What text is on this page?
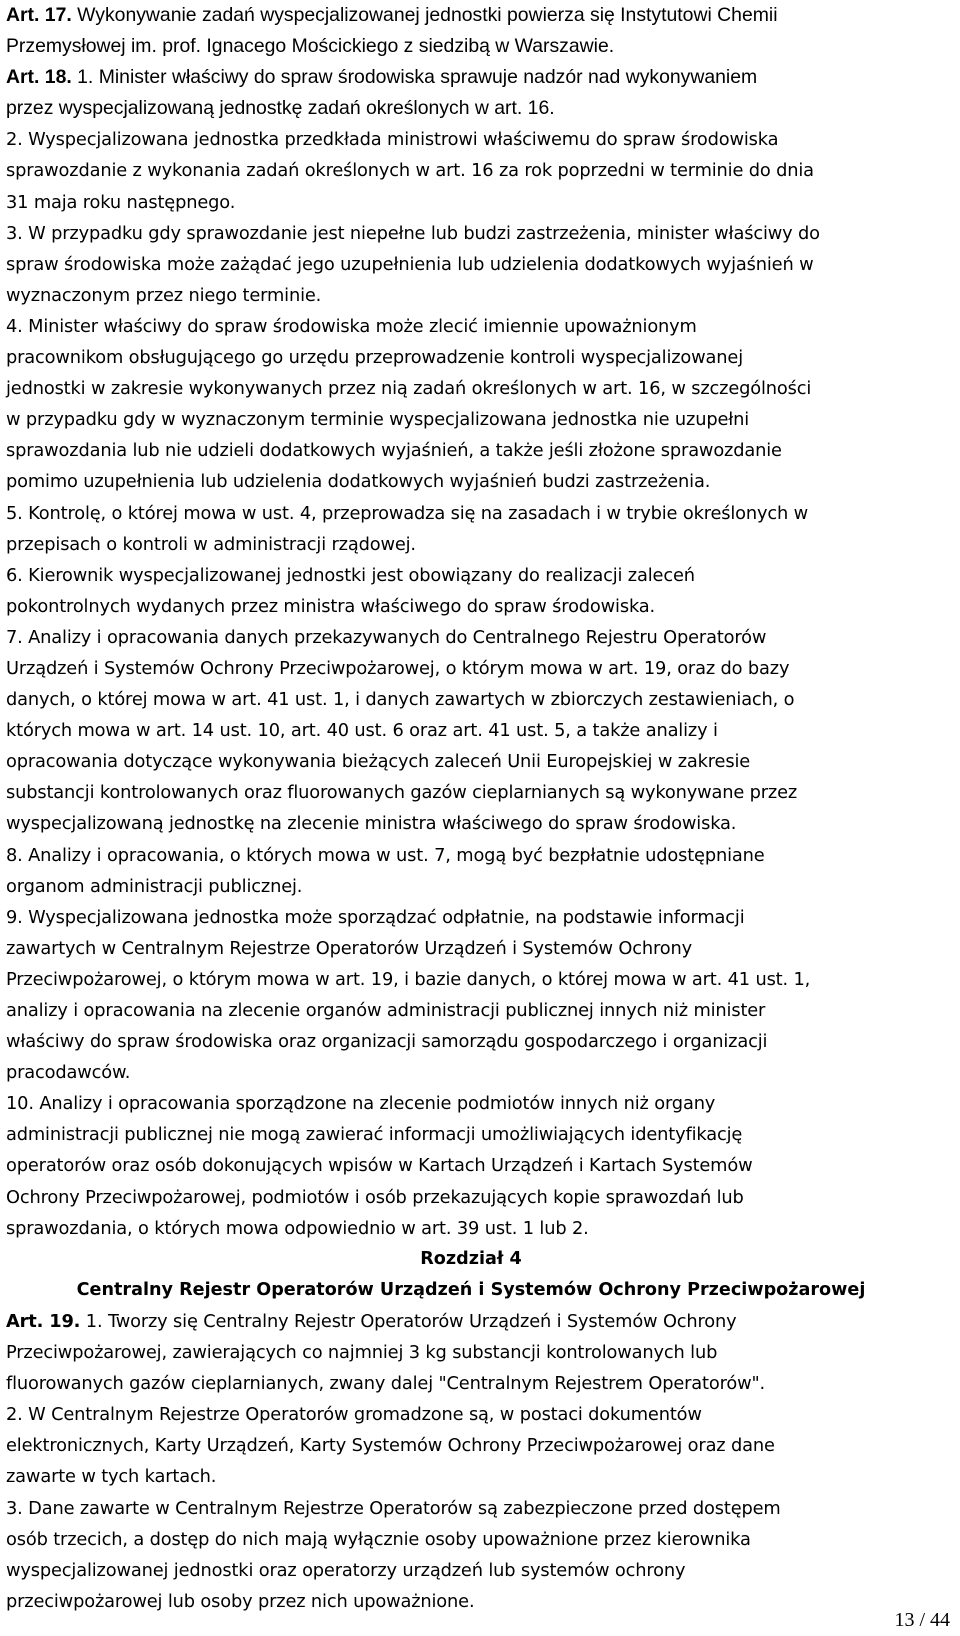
Art. 17. Wykonywanie zadań wyspecjalizowanej jednostki powierza się Instytutowi Chemii
Przemysłowej im. prof. Ignacego Mościckiego z siedzibą w Warszawie.
Art. 18. 1. Minister właściwy do spraw środowiska sprawuje nadzór nad wykonywaniem
przez wyspecjalizowaną jednostkę zadań określonych w art. 16.
2. Wyspecjalizowana jednostka przedkłada ministrowi właściwemu do spraw środowiska
sprawozdanie z wykonania zadań określonych w art. 16 za rok poprzedni w terminie do dnia
31 maja roku następnego.
3. W przypadku gdy sprawozdanie jest niepełne lub budzi zastrzeżenia, minister właściwy do
spraw środowiska może zażądać jego uzupełnienia lub udzielenia dodatkowych wyjaśnień w
wyznaczonym przez niego terminie.
4. Minister właściwy do spraw środowiska może zlecić imiennie upoważnionym
pracownikom obsługującego go urzędu przeprowadzenie kontroli wyspecjalizowanej
jednostki w zakresie wykonywanych przez nią zadań określonych w art. 16, w szczególności
w przypadku gdy w wyznaczonym terminie wyspecjalizowana jednostka nie uzupełni
sprawozdania lub nie udzieli dodatkowych wyjaśnień, a także jeśli złożone sprawozdanie
pomimo uzupełnienia lub udzielenia dodatkowych wyjaśnień budzi zastrzeżenia.
5. Kontrolę, o której mowa w ust. 4, przeprowadza się na zasadach i w trybie określonych w
przepisach o kontroli w administracji rządowej.
6. Kierownik wyspecjalizowanej jednostki jest obowiązany do realizacji zaleceń
pokontrolnych wydanych przez ministra właściwego do spraw środowiska.
7. Analizy i opracowania danych przekazywanych do Centralnego Rejestru Operatorów
Urządzeń i Systemów Ochrony Przeciwpożarowej, o którym mowa w art. 19, oraz do bazy
danych, o której mowa w art. 41 ust. 1, i danych zawartych w zbiorczych zestawieniach, o
których mowa w art. 14 ust. 10, art. 40 ust. 6 oraz art. 41 ust. 5, a także analizy i
opracowania dotyczące wykonywania bieżących zaleceń Unii Europejskiej w zakresie
substancji kontrolowanych oraz fluorowanych gazów cieplarnianych są wykonywane przez
wyspecjalizowaną jednostkę na zlecenie ministra właściwego do spraw środowiska.
8. Analizy i opracowania, o których mowa w ust. 7, mogą być bezpłatnie udostępniane
organom administracji publicznej.
9. Wyspecjalizowana jednostka może sporządzać odpłatnie, na podstawie informacji
zawartych w Centralnym Rejestrze Operatorów Urządzeń i Systemów Ochrony
Przeciwpożarowej, o którym mowa w art. 19, i bazie danych, o której mowa w art. 41 ust. 1,
analizy i opracowania na zlecenie organów administracji publicznej innych niż minister
właściwy do spraw środowiska oraz organizacji samorządu gospodarczego i organizacji
pracodawców.
10. Analizy i opracowania sporządzone na zlecenie podmiotów innych niż organy
administracji publicznej nie mogą zawierać informacji umożliwiających identyfikację
operatorów oraz osób dokonujących wpisów w Kartach Urządzeń i Kartach Systemów
Ochrony Przeciwpożarowej, podmiotów i osób przekazujących kopie sprawozdań lub
sprawozdania, o których mowa odpowiednio w art. 39 ust. 1 lub 2.
Rozdział 4
Centralny Rejestr Operatorów Urządzeń i Systemów Ochrony Przeciwpożarowej
Art. 19. 1. Tworzy się Centralny Rejestr Operatorów Urządzeń i Systemów Ochrony
Przeciwpożarowej, zawierających co najmniej 3 kg substancji kontrolowanych lub
fluorowanych gazów cieplarnianych, zwany dalej "Centralnym Rejestrem Operatorów".
2. W Centralnym Rejestrze Operatorów gromadzone są, w postaci dokumentów
elektronicznych, Karty Urządzeń, Karty Systemów Ochrony Przeciwpożarowej oraz dane
zawarte w tych kartach.
3. Dane zawarte w Centralnym Rejestrze Operatorów są zabezpieczone przed dostępem
osób trzecich, a dostęp do nich mają wyłącznie osoby upoważnione przez kierownika
wyspecjalizowanej jednostki oraz operatorzy urządzeń lub systemów ochrony
przeciwpożarowej lub osoby przez nich upoważnione.
13 / 44
